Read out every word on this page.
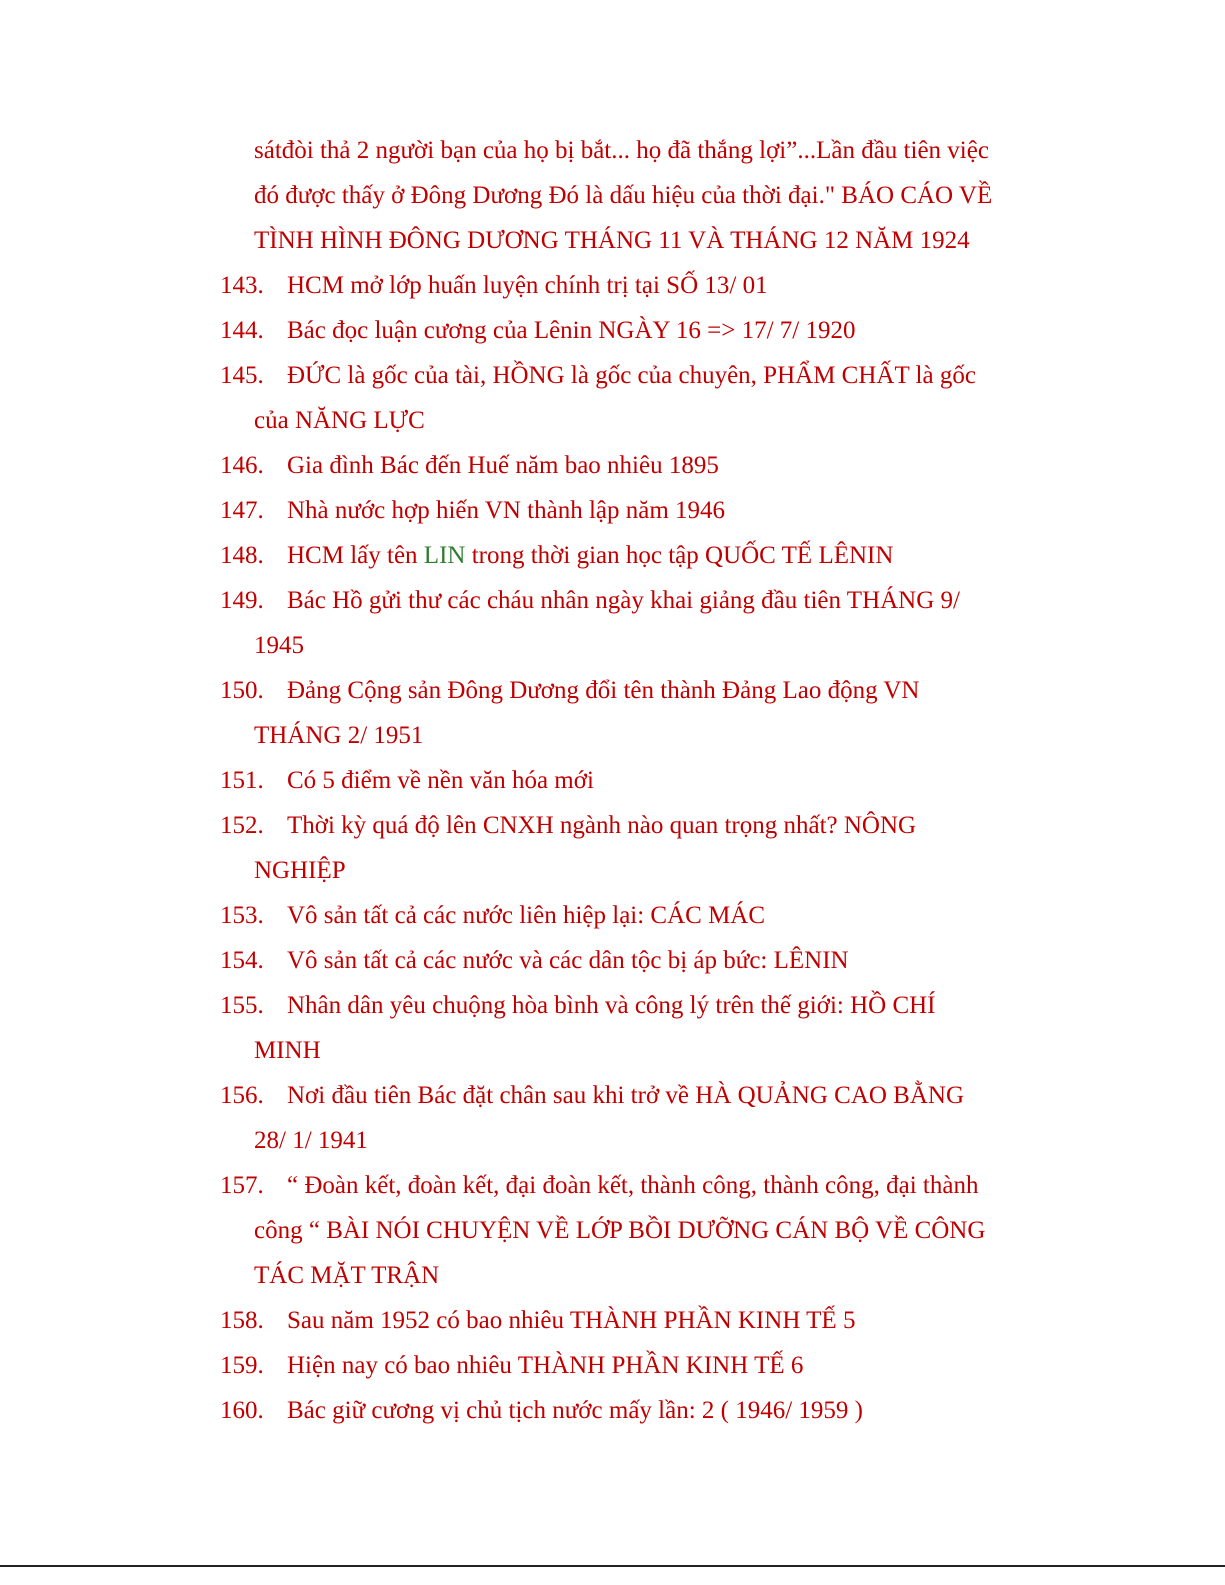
sátđòi thả 2 người bạn của họ bị bắt... họ đã thắng lợi”...Lần đầu tiên việc

đó được thấy ở Đông Dương Đó là dấu hiệu của thời đại." BÁO CÁO VỀ

TÌNH HÌNH ĐÔNG DƯƠNG THÁNG 11 VÀ THÁNG 12 NĂM 1924

143. HCM mở lớp huấn luyện chính trị tại SỐ 13/ 01
144. Bác đọc luận cương của Lênin NGÀY 16 => 17/ 7/ 1920
145. ĐỨC là gốc của tài, HỒNG là gốc của chuyên, PHẨM CHẤT là gốc

của NĂNG LỰC

146. Gia đình Bác đến Huế năm bao nhiêu 1895
147. Nhà nước hợp hiến VN thành lập năm 1946
148. HCM lấy tên LIN trong thời gian học tập QUỐC TẾ LÊNIN
149. Bác Hồ gửi thư các cháu nhân ngày khai giảng đầu tiên THÁNG 9/

1945

150. Đảng Cộng sản Đông Dương đổi tên thành Đảng Lao động VN

THÁNG 2/ 1951

151. Có 5 điểm về nền văn hóa mới
152. Thời kỳ quá độ lên CNXH ngành nào quan trọng nhất? NÔNG

NGHIỆP

153. Vô sản tất cả các nước liên hiệp lại: CÁC MÁC
154. Vô sản tất cả các nước và các dân tộc bị áp bức: LÊNIN
155. Nhân dân yêu chuộng hòa bình và công lý trên thế giới: HỒ CHÍ

MINH

156. Nơi đầu tiên Bác đặt chân sau khi trở về HÀ QUẢNG CAO BẰNG

28/ 1/ 1941

157. “ Đoàn kết, đoàn kết, đại đoàn kết, thành công, thành công, đại thành

công “ BÀI NÓI CHUYỆN VỀ LỚP BỒI DƯỠNG CÁN BỘ VỀ CÔNG

TÁC MẶT TRẬN

158. Sau năm 1952 có bao nhiêu THÀNH PHẦN KINH TẾ 5
159. Hiện nay có bao nhiêu THÀNH PHẦN KINH TẾ 6
160. Bác giữ cương vị chủ tịch nước mấy lần: 2 ( 1946/ 1959 )
